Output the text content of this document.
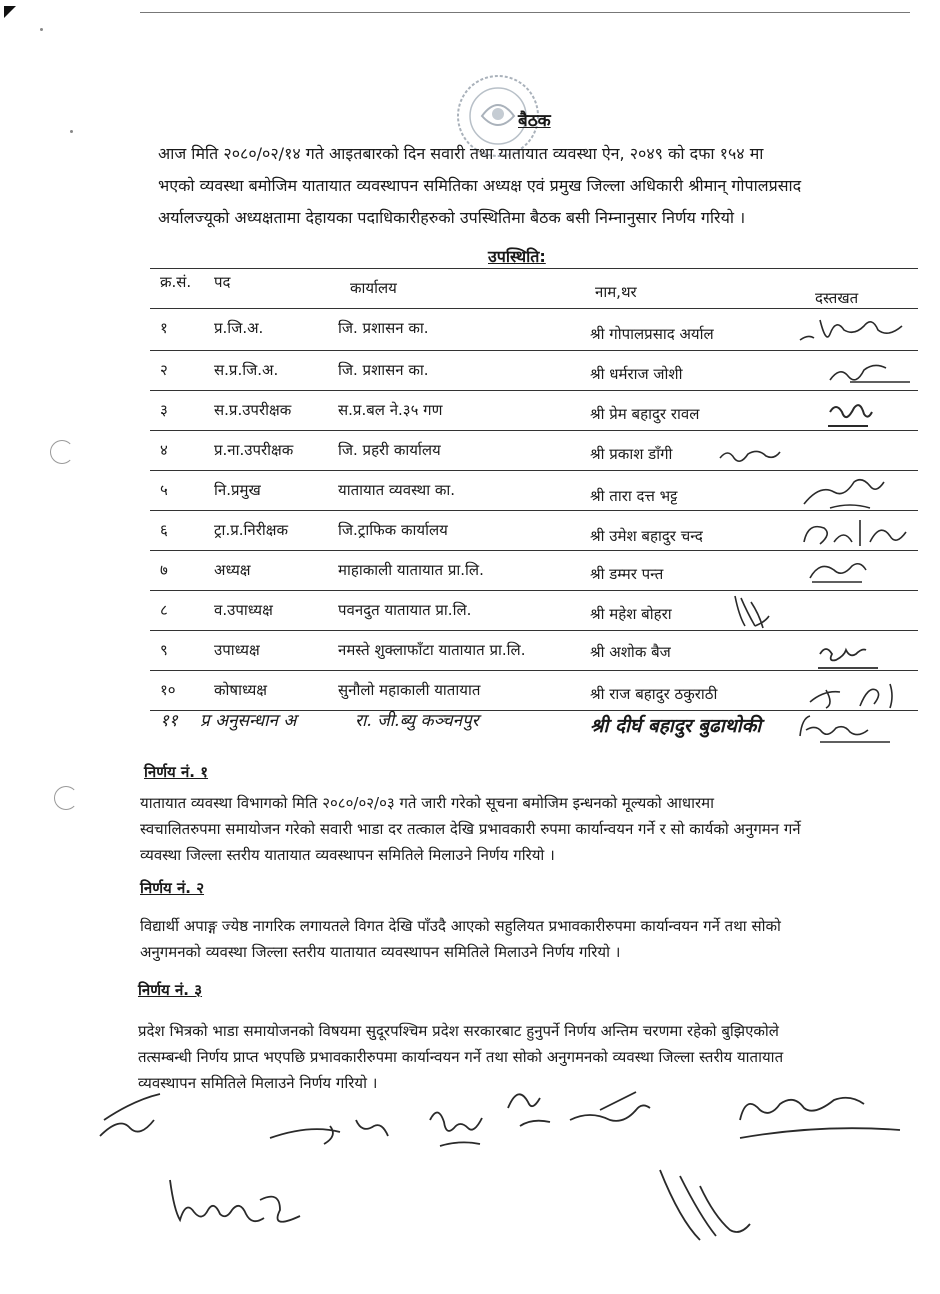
बैठक
आज मिति २०८०/०२/१४ गते आइतबारको दिन सवारी तथा यातायात व्यवस्था ऐन, २०४९ को दफा १५४ मा
भएको व्यवस्था बमोजिम यातायात व्यवस्थापन समितिका अध्यक्ष एवं प्रमुख जिल्ला अधिकारी श्रीमान् गोपालप्रसाद
अर्यालज्यूको अध्यक्षतामा देहायका पदाधिकारीहरुको उपस्थितिमा बैठक बसी निम्नानुसार निर्णय गरियो ।
उपस्थिति:
क्र.सं. पद	कार्यालय	नाम,थर	दस्तखत
१	प्र.जि.अ.	जि. प्रशासन का.	श्री गोपालप्रसाद अर्याल
२	स.प्र.जि.अ.	जि. प्रशासन का.	श्री धर्मराज जोशी
३	स.प्र.उपरीक्षक	स.प्र.बल ने.३५ गण	श्री प्रेम बहादुर रावल
४	प्र.ना.उपरीक्षक	जि. प्रहरी कार्यालय	श्री प्रकाश डाँगी
५	नि.प्रमुख	यातायात व्यवस्था का.	श्री तारा दत्त भट्ट
६	ट्रा.प्र.निरीक्षक	जि.ट्राफिक कार्यालय	श्री उमेश बहादुर चन्द
७	अध्यक्ष	माहाकाली यातायात प्रा.लि.	श्री डम्मर पन्त
८	व.उपाध्यक्ष	पवनदुत यातायात प्रा.लि.	श्री महेश बोहरा
९	उपाध्यक्ष	नमस्ते शुक्लाफाँटा यातायात प्रा.लि.	श्री अशोक बैज
१०	कोषाध्यक्ष	सुनौलो महाकाली यातायात	श्री राज बहादुर ठकुराठी
११ प्र अनुसन्धान अ	रा. जी.ब्यु कञ्चनपुर	श्री दीर्घ बहादुर बुढाथोकी
निर्णय नं. १
यातायात व्यवस्था विभागको मिति २०८०/०२/०३ गते जारी गरेको सूचना बमोजिम इन्धनको मूल्यको आधारमा
स्वचालितरुपमा समायोजन गरेको सवारी भाडा दर तत्काल देखि प्रभावकारी रुपमा कार्यान्वयन गर्ने र सो कार्यको अनुगमन गर्ने
व्यवस्था जिल्ला स्तरीय यातायात व्यवस्थापन समितिले मिलाउने निर्णय गरियो ।
निर्णय नं. २
विद्यार्थी अपाङ्ग ज्येष्ठ नागरिक लगायतले विगत देखि पाँउदै आएको सहुलियत प्रभावकारीरुपमा कार्यान्वयन गर्ने तथा सोको
अनुगमनको व्यवस्था जिल्ला स्तरीय यातायात व्यवस्थापन समितिले मिलाउने निर्णय गरियो ।
निर्णय नं. ३
प्रदेश भित्रको भाडा समायोजनको विषयमा सुदूरपश्चिम प्रदेश सरकारबाट हुनुपर्ने निर्णय अन्तिम चरणमा रहेको बुझिएकोले
तत्सम्बन्धी निर्णय प्राप्त भएपछि प्रभावकारीरुपमा कार्यान्वयन गर्ने तथा सोको अनुगमनको व्यवस्था जिल्ला स्तरीय यातायात
व्यवस्थापन समितिले मिलाउने निर्णय गरियो ।
